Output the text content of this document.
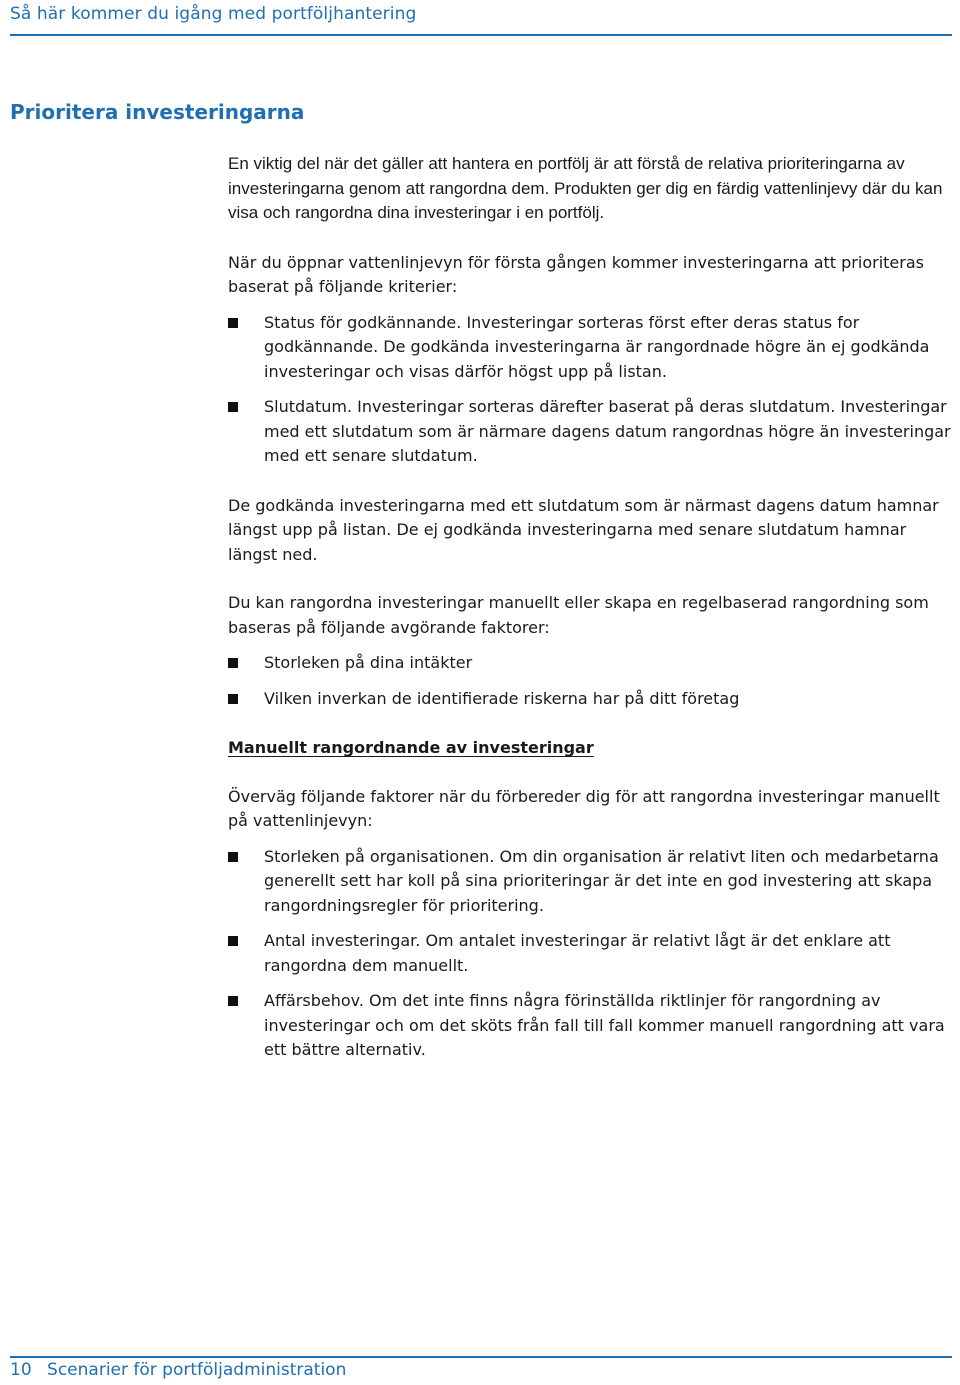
Så här kommer du igång med portföljhantering
Prioritera investeringarna

En viktig del när det gäller att hantera en portfölj är att förstå de relativa prioriteringarna av investeringarna genom att rangordna dem. Produkten ger dig en färdig vattenlinjevy där du kan visa och rangordna dina investeringar i en portfölj.

När du öppnar vattenlinjevyn för första gången kommer investeringarna att prioriteras baserat på följande kriterier:

Status för godkännande. Investeringar sorteras först efter deras status for godkännande. De godkända investeringarna är rangordnade högre än ej godkända investeringar och visas därför högst upp på listan.
Slutdatum. Investeringar sorteras därefter baserat på deras slutdatum. Investeringar med ett slutdatum som är närmare dagens datum rangordnas högre än investeringar med ett senare slutdatum.

De godkända investeringarna med ett slutdatum som är närmast dagens datum hamnar längst upp på listan. De ej godkända investeringarna med senare slutdatum hamnar längst ned.

Du kan rangordna investeringar manuellt eller skapa en regelbaserad rangordning som baseras på följande avgörande faktorer:

Storleken på dina intäkter
Vilken inverkan de identifierade riskerna har på ditt företag

Manuellt rangordnande av investeringar

Överväg följande faktorer när du förbereder dig för att rangordna investeringar manuellt på vattenlinjevyn:

Storleken på organisationen. Om din organisation är relativt liten och medarbetarna generellt sett har koll på sina prioriteringar är det inte en god investering att skapa rangordningsregler för prioritering.
Antal investeringar. Om antalet investeringar är relativt lågt är det enklare att rangordna dem manuellt.
Affärsbehov. Om det inte finns några förinställda riktlinjer för rangordning av investeringar och om det sköts från fall till fall kommer manuell rangordning att vara ett bättre alternativ.
10 Scenarier för portföljadministration
